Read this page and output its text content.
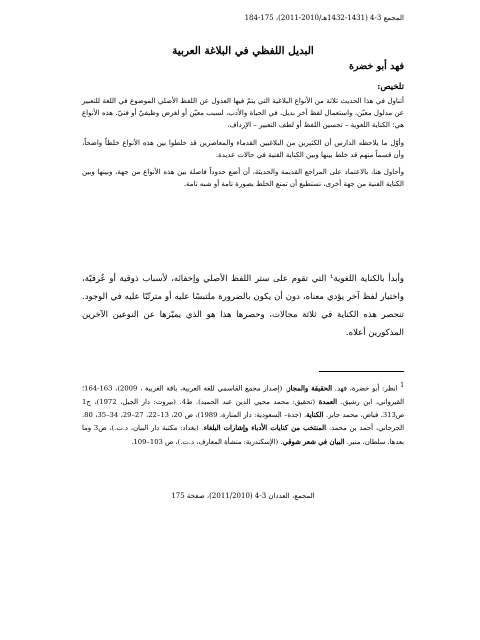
المجمع 3-4 (1431-1432هـ/2010-2011)، 175-184
البديل اللفظي في البلاغة العربية
فهد أبو خضرة
تلخيص:

أتناول في هذا الحديث ثلاثة من الأنواع البلاغية التي يتمّ فيها العدول عن اللفظ الأصلي الموضوع في اللغة للتعبير عن مدلول معيّن، واستعمال لفظ آخر بديل، في الحياة والأدب، لسبب معيّن أو لغرض وظيفيّ أو فنيّ. هذه الأنواع هي: الكناية اللغوية – تحسين اللفظ أو لطف التعبير – الإرداف.

وأوّل ما يلاحظه الدارس أن الكثيرين من البلاغيين القدماء والمعاصرين قد خلطوا بين هذه الأنواع خلطاً واضحاً، وأن قسماً منهم قد خلط بينها وبين الكناية الفنية في حالات عديدة.

وأحاول هنا، بالاعتماد على المراجع القديمة والحديثة، أن أضع حدوداً فاصلة بين هذه الأنواع من جهة، وبينها وبين الكناية الفنية من جهة أخرى، تستطيع أن تمنع الخلط بصورة تامة أو شبه تامة.

وأبدأ بالكناية اللغوية¹ التي تقوم على ستر اللفظ الأصلي وإخفائه، لأسباب ذوقية أو عُرفيّة، واختيار لفظ آخر يؤدي معناه، دون أن يكون بالضرورة ملتبسًا عليه أو مترتّبًا عليه في الوجود. تنحصر هذه الكناية في ثلاثة مجالات، وحصرها هذا هو الذي يميّزها عن النوعين الآخرين المذكورين أعلاه.

1 انظر: أبو خضرة، فهد. الحقيقة والمجاز. (إصدار مجمع القاسمي للغة العربية، باقة الغربية ، 2009)، 163-164؛ القيرواني، ابن رشيق. العمدة (تحقيق: محمد محيي الدين عبد الحميد). ط4. (بيروت: دار الجيل، 1972)، ج1 ص313. فياض، محمد جابر. الكناية. (جدة– السعودية: دار المنارة، 1989)، ص 20، 13–22، 27–29، 34–35، 80. الجرجاني، أحمد بن محمد. المنتخب من كنايات الأدباء وإشارات البلغاء. (بغداد: مكتبة دار البيان، د.ت.)، ص3 وما بعدها. سلطان، منير. البيان في شعر شوقي. (الإسكندرية: منشأة المعارف، د.ت.)، ص 103–109.
المجمع، العددان 3-4 (2011/2010)، صفحة 175
